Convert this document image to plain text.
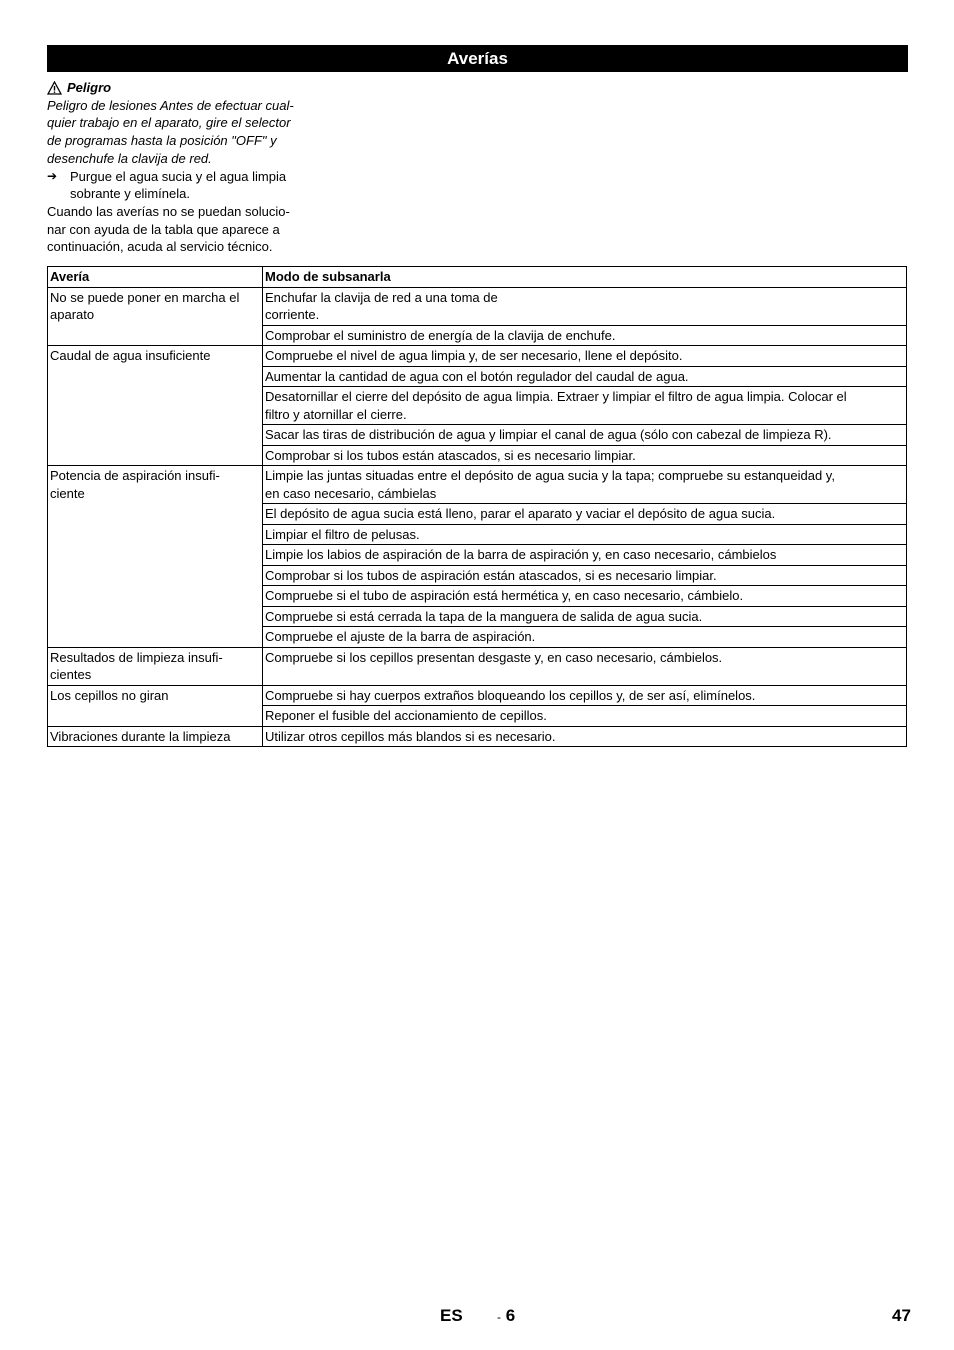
Averías
Peligro

Peligro de lesiones Antes de efectuar cual-
quier trabajo en el aparato, gire el selector
de programas hasta la posición "OFF" y
desenchufe la clavija de red.

➔ Purgue el agua sucia y el agua limpia
sobrante y elimínela.

Cuando las averías no se puedan solucio-
nar con ayuda de la tabla que aparece a
continuación, acuda al servicio técnico.

Avería	Modo de subsanarla
No se puede poner en marcha el
aparato	Enchufar la clavija de red a una toma de
corriente.
	Comprobar el suministro de energía de la clavija de enchufe.
Caudal de agua insuficiente	Compruebe el nivel de agua limpia y, de ser necesario, llene el depósito.
	Aumentar la cantidad de agua con el botón regulador del caudal de agua.
	Desatornillar el cierre del depósito de agua limpia. Extraer y limpiar el filtro de agua limpia. Colocar el
filtro y atornillar el cierre.
	Sacar las tiras de distribución de agua y limpiar el canal de agua (sólo con cabezal de limpieza R).
	Comprobar si los tubos están atascados, si es necesario limpiar.
Potencia de aspiración insufi-
ciente	Limpie las juntas situadas entre el depósito de agua sucia y la tapa; compruebe su estanqueidad y,
en caso necesario, cámbielas
	El depósito de agua sucia está lleno, parar el aparato y vaciar el depósito de agua sucia.
	Limpiar el filtro de pelusas.
	Limpie los labios de aspiración de la barra de aspiración y, en caso necesario, cámbielos
	Comprobar si los tubos de aspiración están atascados, si es necesario limpiar.
	Compruebe si el tubo de aspiración está hermética y, en caso necesario, cámbielo.
	Compruebe si está cerrada la tapa de la manguera de salida de agua sucia.
	Compruebe el ajuste de la barra de aspiración.
Resultados de limpieza insufi-
cientes	Compruebe si los cepillos presentan desgaste y, en caso necesario, cámbielos.
Los cepillos no giran	Compruebe si hay cuerpos extraños bloqueando los cepillos y, de ser así, elimínelos.
	Reponer el fusible del accionamiento de cepillos.
Vibraciones durante la limpieza	Utilizar otros cepillos más blandos si es necesario.
ES	- 6	47
